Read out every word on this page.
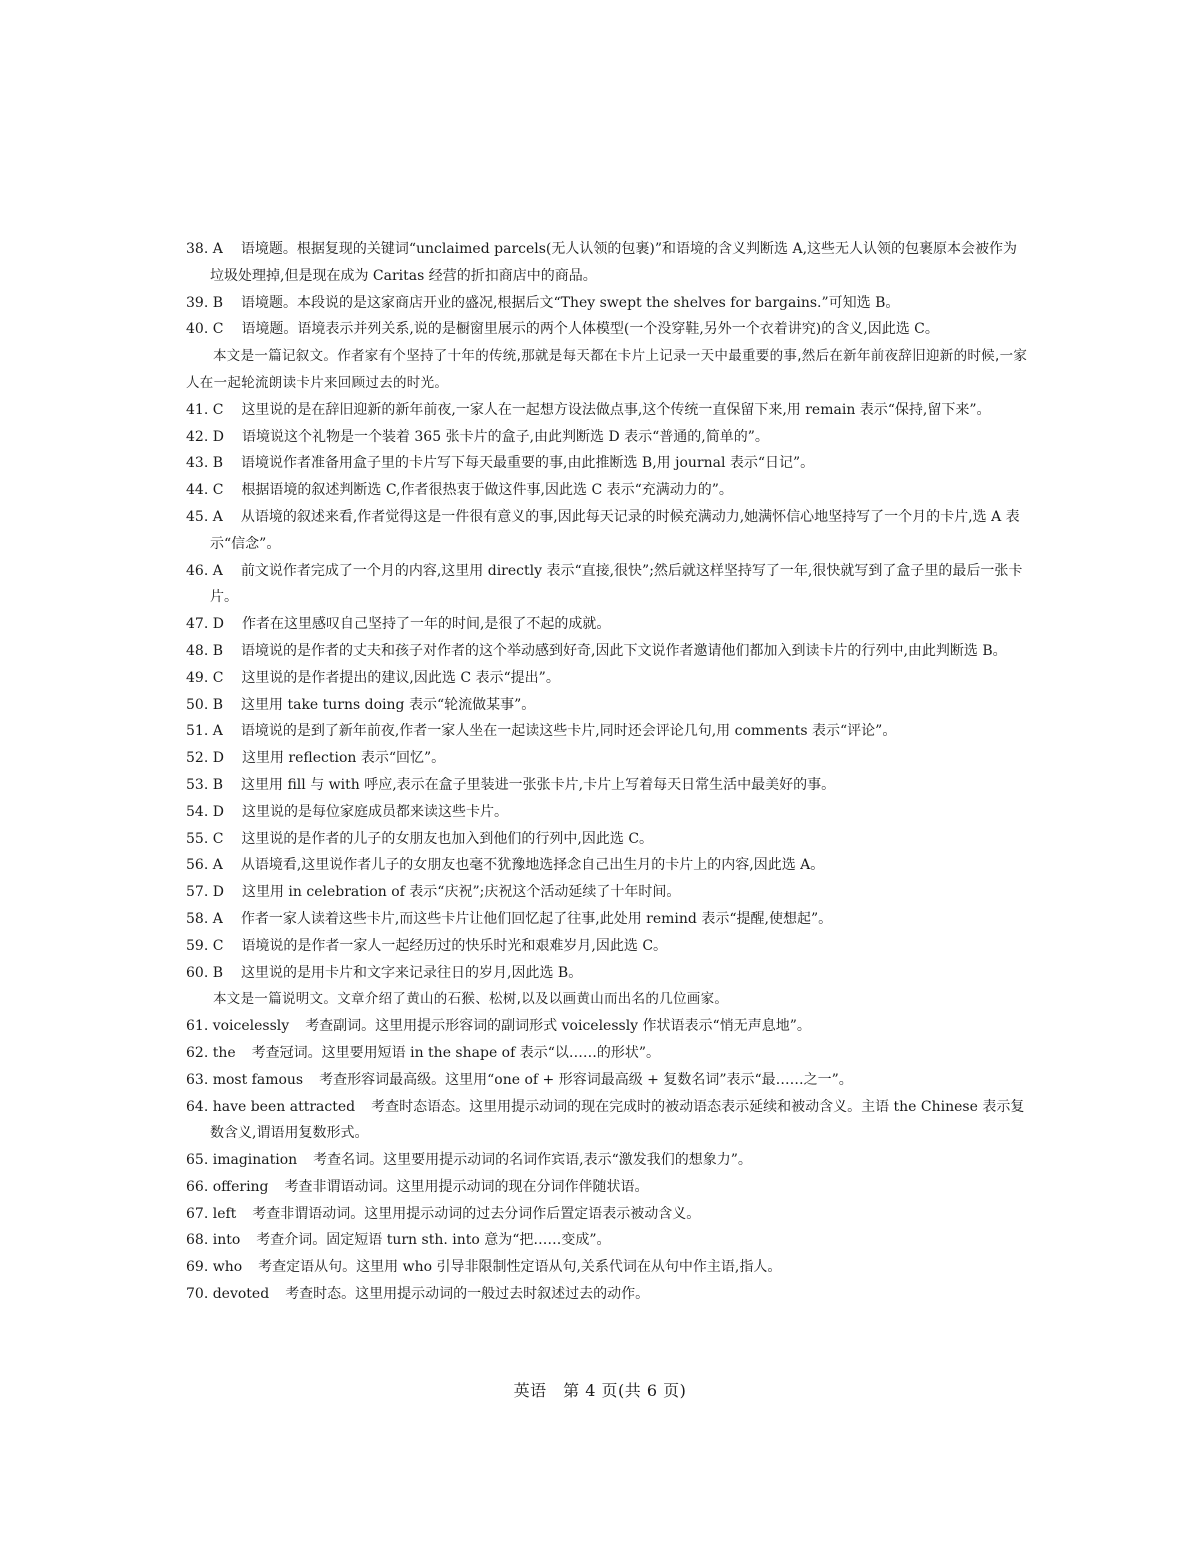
38. A 语境题。根据复现的关键词“unclaimed parcels(无人认领的包裹)”和语境的含义判断选 A,这些无人认领的包裹原本会被作为垃圾处理掉,但是现在成为 Caritas 经营的折扣商店中的商品。
39. B 语境题。本段说的是这家商店开业的盛况,根据后文“They swept the shelves for bargains.”可知选 B。
40. C 语境题。语境表示并列关系,说的是橱窗里展示的两个人体模型(一个没穿鞋,另外一个衣着讲究)的含义,因此选 C。
本文是一篇记叙文。作者家有个坚持了十年的传统,那就是每天都在卡片上记录一天中最重要的事,然后在新年前夜辞旧迎新的时候,一家人在一起轮流朗读卡片来回顾过去的时光。
41. C 这里说的是在辞旧迎新的新年前夜,一家人在一起想方设法做点事,这个传统一直保留下来,用 remain 表示“保持,留下来”。
42. D 语境说这个礼物是一个装着 365 张卡片的盒子,由此判断选 D 表示“普通的,简单的”。
43. B 语境说作者准备用盒子里的卡片写下每天最重要的事,由此推断选 B,用 journal 表示“日记”。
44. C 根据语境的叙述判断选 C,作者很热衷于做这件事,因此选 C 表示“充满动力的”。
45. A 从语境的叙述来看,作者觉得这是一件很有意义的事,因此每天记录的时候充满动力,她满怀信心地坚持写了一个月的卡片,选 A 表示“信念”。
46. A 前文说作者完成了一个月的内容,这里用 directly 表示“直接,很快”;然后就这样坚持写了一年,很快就写到了盒子里的最后一张卡片。
47. D 作者在这里感叹自己坚持了一年的时间,是很了不起的成就。
48. B 语境说的是作者的丈夫和孩子对作者的这个举动感到好奇,因此下文说作者邀请他们都加入到读卡片的行列中,由此判断选 B。
49. C 这里说的是作者提出的建议,因此选 C 表示“提出”。
50. B 这里用 take turns doing 表示“轮流做某事”。
51. A 语境说的是到了新年前夜,作者一家人坐在一起读这些卡片,同时还会评论几句,用 comments 表示“评论”。
52. D 这里用 reflection 表示“回忆”。
53. B 这里用 fill 与 with 呼应,表示在盒子里装进一张张卡片,卡片上写着每天日常生活中最美好的事。
54. D 这里说的是每位家庭成员都来读这些卡片。
55. C 这里说的是作者的儿子的女朋友也加入到他们的行列中,因此选 C。
56. A 从语境看,这里说作者儿子的女朋友也毫不犹豫地选择念自己出生月的卡片上的内容,因此选 A。
57. D 这里用 in celebration of 表示“庆祝”;庆祝这个活动延续了十年时间。
58. A 作者一家人读着这些卡片,而这些卡片让他们回忆起了往事,此处用 remind 表示“提醒,使想起”。
59. C 语境说的是作者一家人一起经历过的快乐时光和艰难岁月,因此选 C。
60. B 这里说的是用卡片和文字来记录往日的岁月,因此选 B。
本文是一篇说明文。文章介绍了黄山的石猴、松树,以及以画黄山而出名的几位画家。
61. voicelessly 考查副词。这里用提示形容词的副词形式 voicelessly 作状语表示“悄无声息地”。
62. the 考查冠词。这里要用短语 in the shape of 表示“以……的形状”。
63. most famous 考查形容词最高级。这里用“one of + 形容词最高级 + 复数名词”表示“最……之一”。
64. have been attracted 考查时态语态。这里用提示动词的现在完成时的被动语态表示延续和被动含义。主语 the Chinese 表示复数含义,谓语用复数形式。
65. imagination 考查名词。这里要用提示动词的名词作宾语,表示“激发我们的想象力”。
66. offering 考查非谓语动词。这里用提示动词的现在分词作伴随状语。
67. left 考查非谓语动词。这里用提示动词的过去分词作后置定语表示被动含义。
68. into 考查介词。固定短语 turn sth. into 意为“把……变成”。
69. who 考查定语从句。这里用 who 引导非限制性定语从句,关系代词在从句中作主语,指人。
70. devoted 考查时态。这里用提示动词的一般过去时叙述过去的动作。
英语　第 4 页(共 6 页)
